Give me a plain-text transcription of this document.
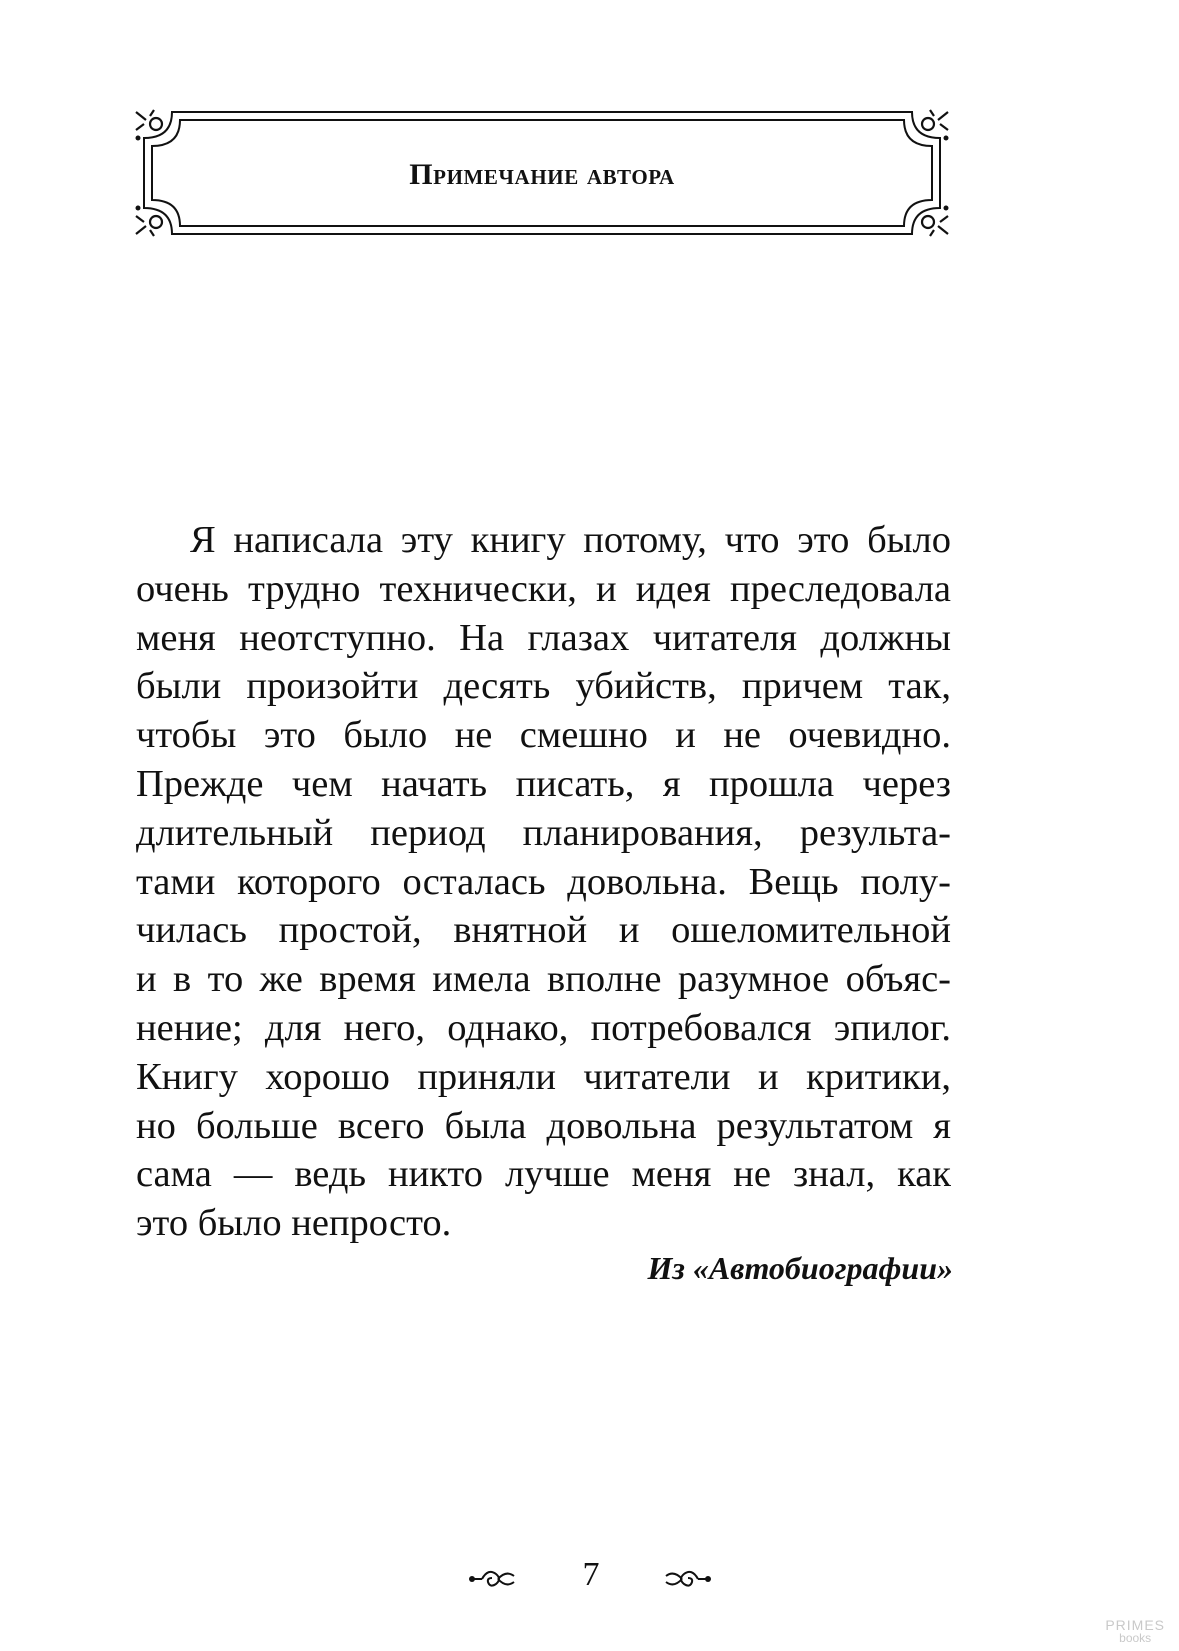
Примечание автора
Я написала эту книгу потому, что это было
очень трудно технически, и идея преследовала
меня неотступно. На глазах читателя должны
были произойти десять убийств, причем так,
чтобы это было не смешно и не очевидно.
Прежде чем начать писать, я прошла через
длительный период планирования, результа-
тами которого осталась довольна. Вещь полу-
чилась простой, внятной и ошеломительной
и в то же время имела вполне разумное объяс-
нение; для него, однако, потребовался эпилог.
Книгу хорошо приняли читатели и критики,
но больше всего была довольна результатом я
сама — ведь никто лучше меня не знал, как
это было непросто.
Из «Автобиографии»
7
PRIMES
books
